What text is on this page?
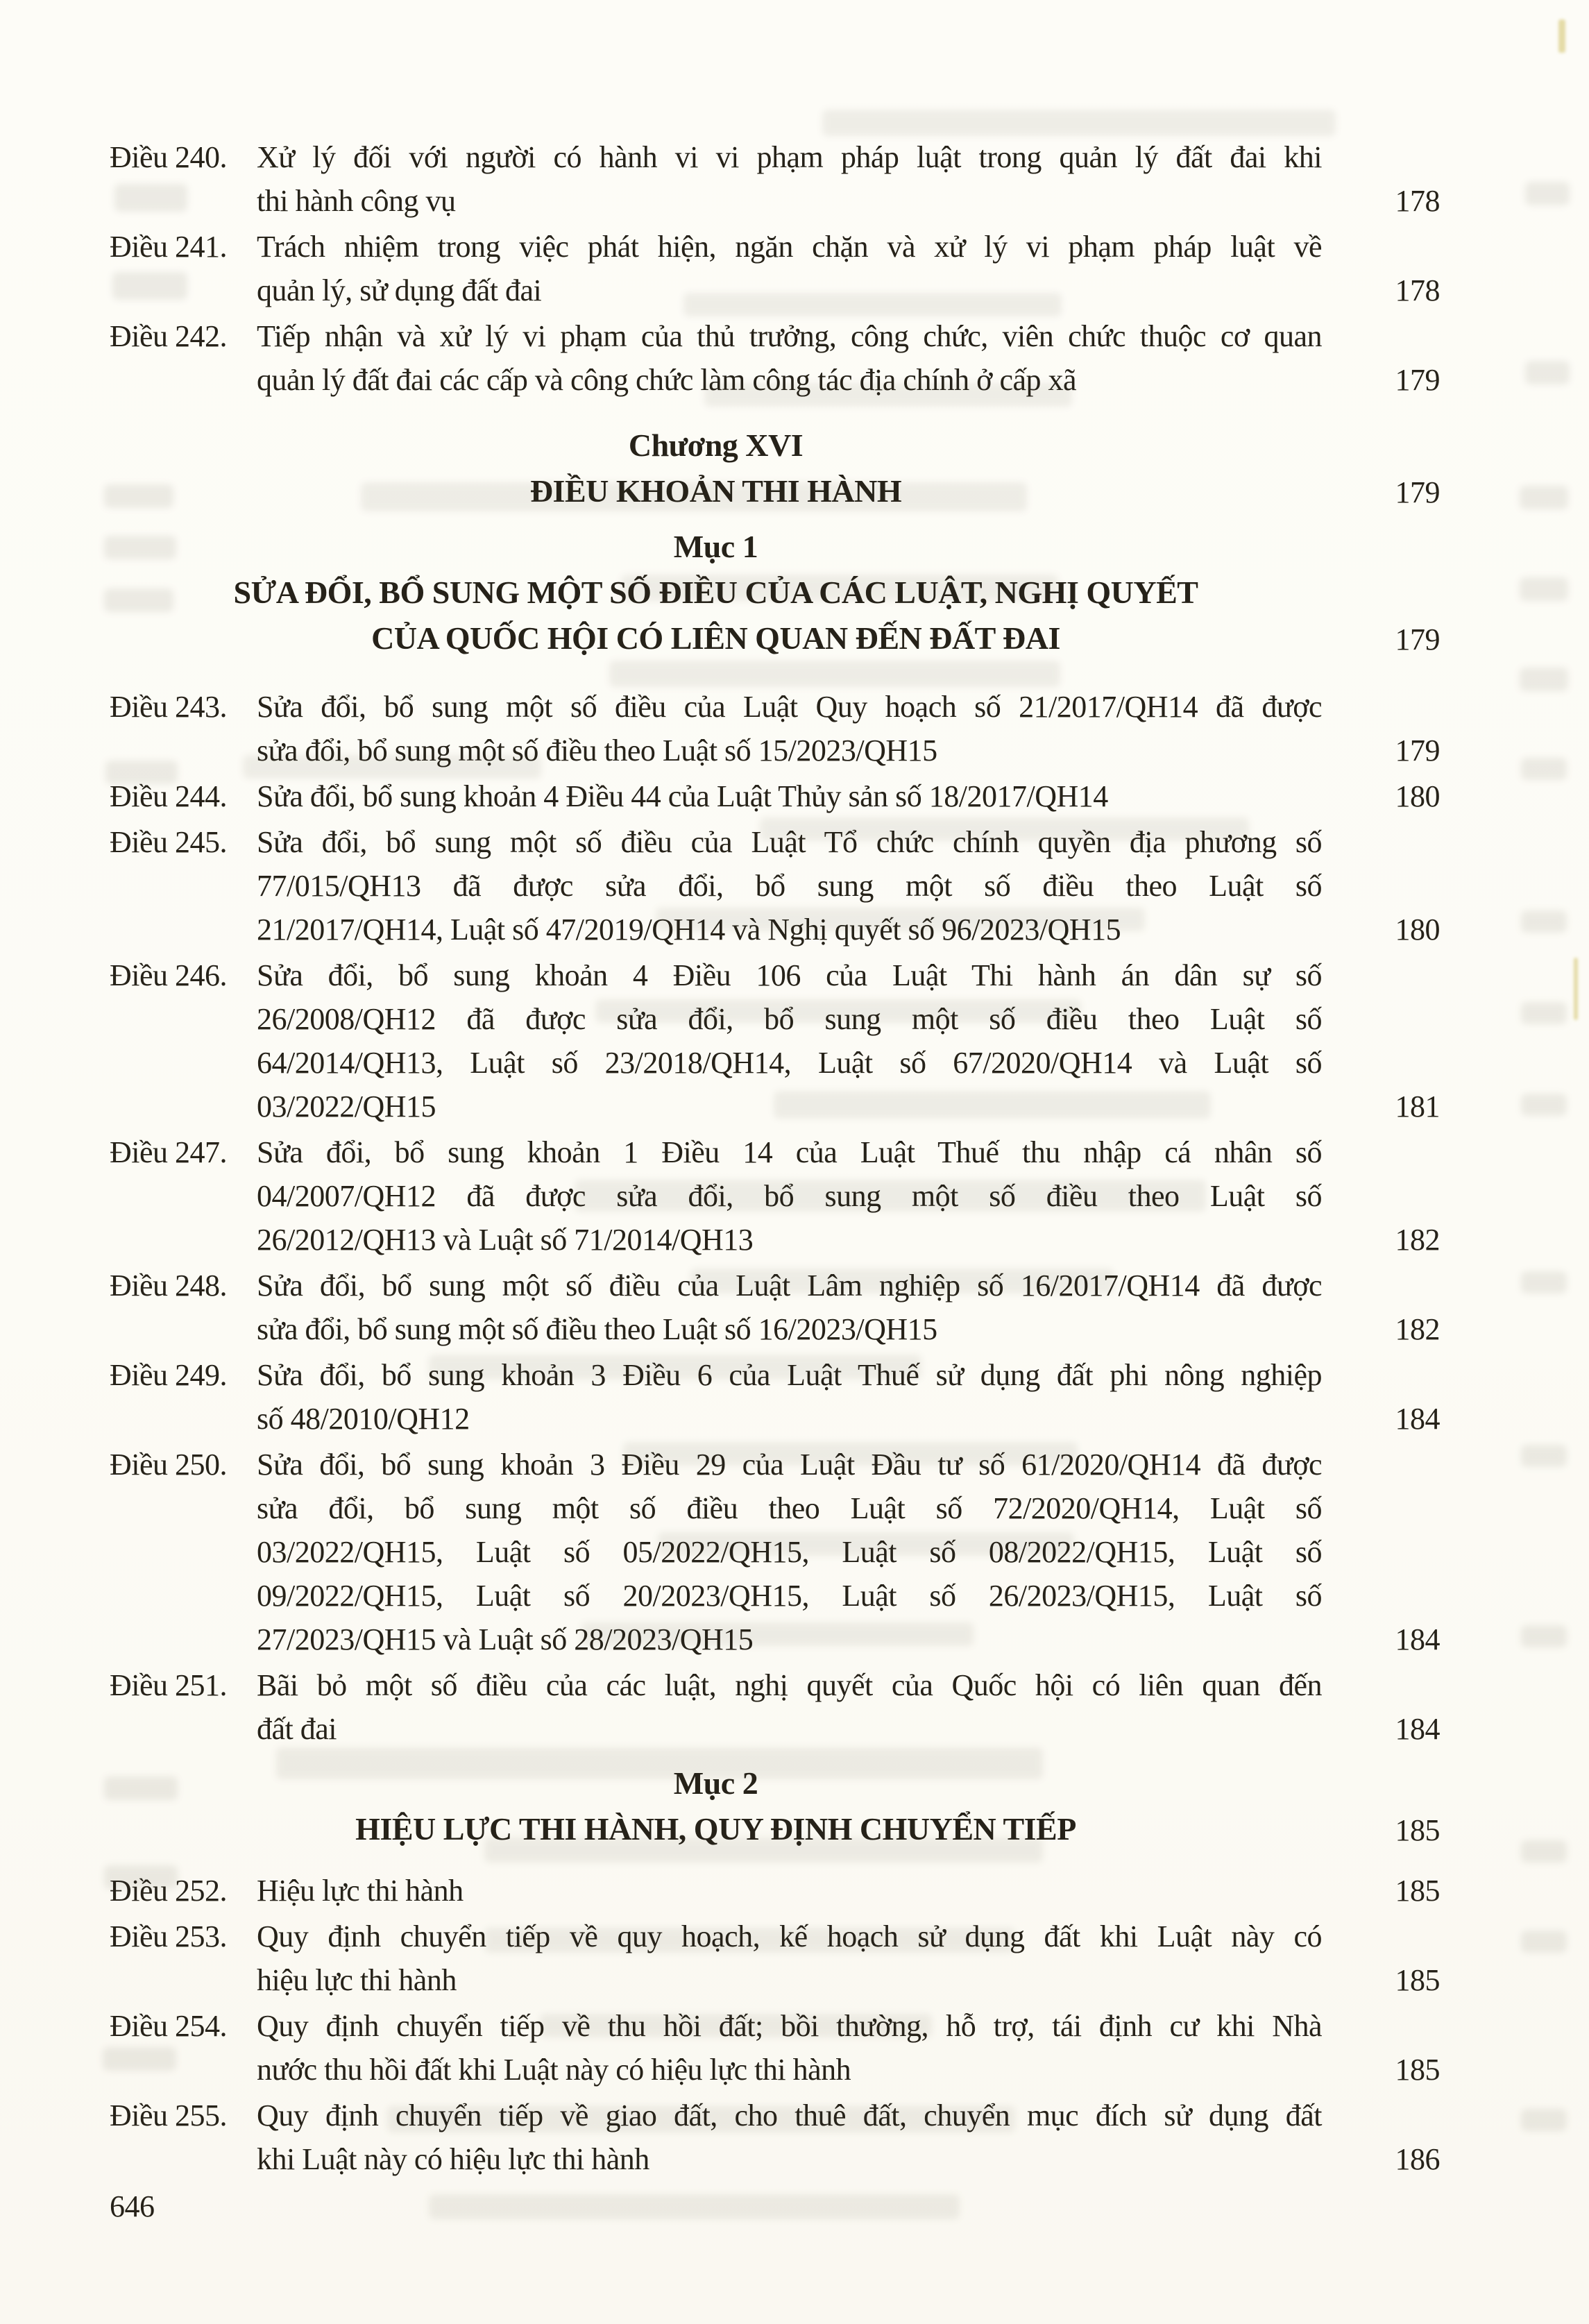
Điều 240. Xử lý đối với người có hành vi vi phạm pháp luật trong quản lý đất đai khi
thi hành công vụ	178
Điều 241. Trách nhiệm trong việc phát hiện, ngăn chặn và xử lý vi phạm pháp luật về
quản lý, sử dụng đất đai	178
Điều 242. Tiếp nhận và xử lý vi phạm của thủ trưởng, công chức, viên chức thuộc cơ quan
quản lý đất đai các cấp và công chức làm công tác địa chính ở cấp xã	179
Chương XVI
ĐIỀU KHOẢN THI HÀNH	179
Mục 1
SỬA ĐỔI, BỔ SUNG MỘT SỐ ĐIỀU CỦA CÁC LUẬT, NGHỊ QUYẾT
CỦA QUỐC HỘI CÓ LIÊN QUAN ĐẾN ĐẤT ĐAI	179
Điều 243. Sửa đổi, bổ sung một số điều của Luật Quy hoạch số 21/2017/QH14 đã được
sửa đổi, bổ sung một số điều theo Luật số 15/2023/QH15	179
Điều 244. Sửa đổi, bổ sung khoản 4 Điều 44 của Luật Thủy sản số 18/2017/QH14	180
Điều 245. Sửa đổi, bổ sung một số điều của Luật Tổ chức chính quyền địa phương số
77/015/QH13 đã được sửa đổi, bổ sung một số điều theo Luật số
21/2017/QH14, Luật số 47/2019/QH14 và Nghị quyết số 96/2023/QH15	180
Điều 246. Sửa đổi, bổ sung khoản 4 Điều 106 của Luật Thi hành án dân sự số
26/2008/QH12 đã được sửa đổi, bổ sung một số điều theo Luật số
64/2014/QH13, Luật số 23/2018/QH14, Luật số 67/2020/QH14 và Luật số
03/2022/QH15	181
Điều 247. Sửa đổi, bổ sung khoản 1 Điều 14 của Luật Thuế thu nhập cá nhân số
04/2007/QH12 đã được sửa đổi, bổ sung một số điều theo Luật số
26/2012/QH13 và Luật số 71/2014/QH13	182
Điều 248. Sửa đổi, bổ sung một số điều của Luật Lâm nghiệp số 16/2017/QH14 đã được
sửa đổi, bổ sung một số điều theo Luật số 16/2023/QH15	182
Điều 249. Sửa đổi, bổ sung khoản 3 Điều 6 của Luật Thuế sử dụng đất phi nông nghiệp
số 48/2010/QH12	184
Điều 250. Sửa đổi, bổ sung khoản 3 Điều 29 của Luật Đầu tư số 61/2020/QH14 đã được
sửa đổi, bổ sung một số điều theo Luật số 72/2020/QH14, Luật số
03/2022/QH15, Luật số 05/2022/QH15, Luật số 08/2022/QH15, Luật số
09/2022/QH15, Luật số 20/2023/QH15, Luật số 26/2023/QH15, Luật số
27/2023/QH15 và Luật số 28/2023/QH15	184
Điều 251. Bãi bỏ một số điều của các luật, nghị quyết của Quốc hội có liên quan đến
đất đai	184
Mục 2
HIỆU LỰC THI HÀNH, QUY ĐỊNH CHUYỂN TIẾP	185
Điều 252. Hiệu lực thi hành	185
Điều 253. Quy định chuyển tiếp về quy hoạch, kế hoạch sử dụng đất khi Luật này có
hiệu lực thi hành	185
Điều 254. Quy định chuyển tiếp về thu hồi đất; bồi thường, hỗ trợ, tái định cư khi Nhà
nước thu hồi đất khi Luật này có hiệu lực thi hành	185
Điều 255. Quy định chuyển tiếp về giao đất, cho thuê đất, chuyển mục đích sử dụng đất
khi Luật này có hiệu lực thi hành	186
646
